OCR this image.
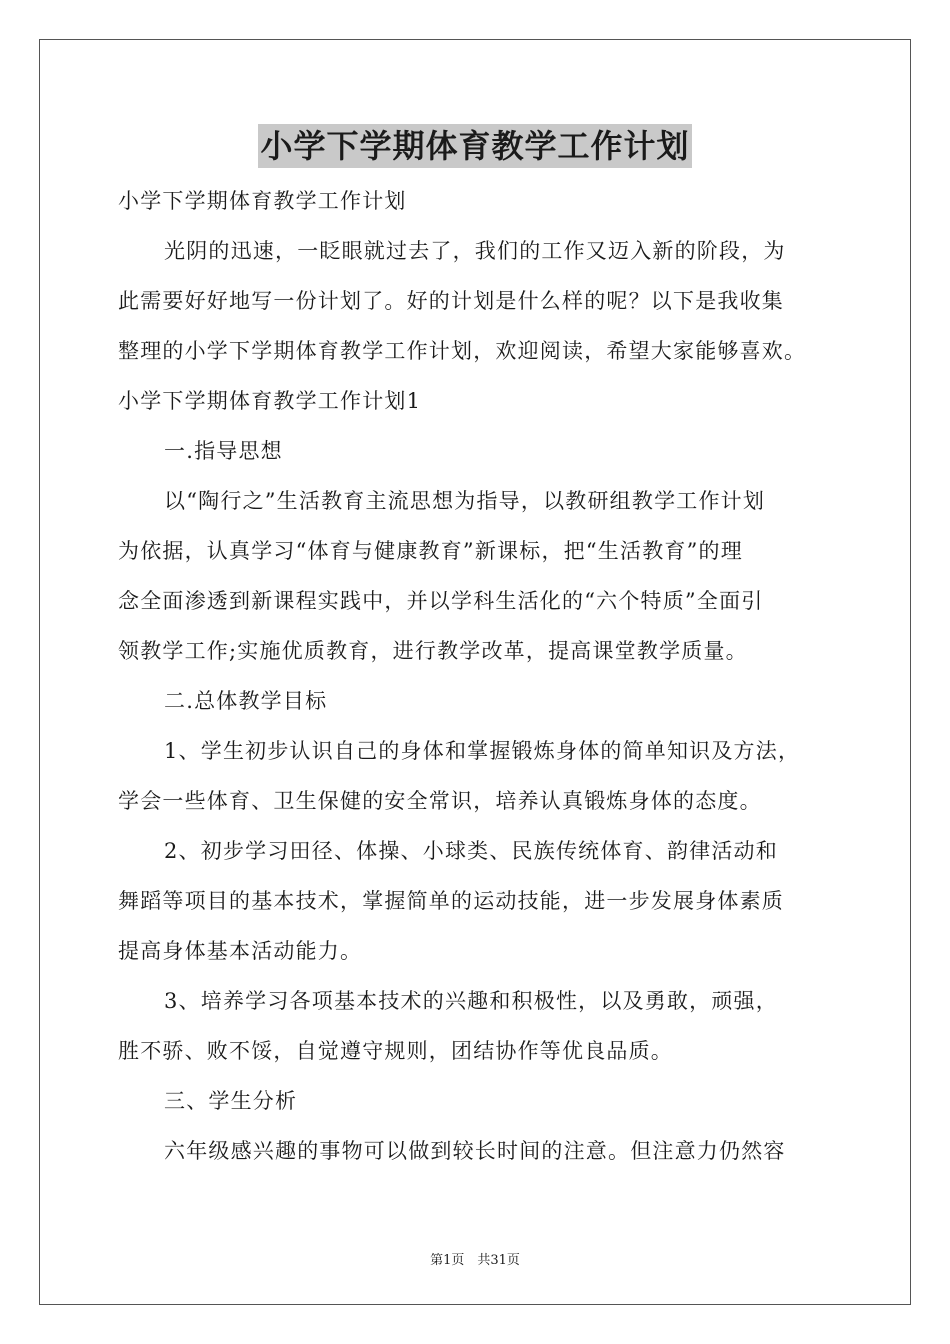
小学下学期体育教学工作计划
小学下学期体育教学工作计划
光阴的迅速，一眨眼就过去了，我们的工作又迈入新的阶段，为
此需要好好地写一份计划了。好的计划是什么样的呢？以下是我收集
整理的小学下学期体育教学工作计划，欢迎阅读，希望大家能够喜欢。
小学下学期体育教学工作计划1
一.指导思想
以“陶行之”生活教育主流思想为指导，以教研组教学工作计划
为依据，认真学习“体育与健康教育”新课标，把“生活教育”的理
念全面渗透到新课程实践中，并以学科生活化的“六个特质”全面引
领教学工作;实施优质教育，进行教学改革，提高课堂教学质量。
二.总体教学目标
1、学生初步认识自己的身体和掌握锻炼身体的简单知识及方法，
学会一些体育、卫生保健的安全常识，培养认真锻炼身体的态度。
2、初步学习田径、体操、小球类、民族传统体育、韵律活动和
舞蹈等项目的基本技术，掌握简单的运动技能，进一步发展身体素质
提高身体基本活动能力。
3、培养学习各项基本技术的兴趣和积极性，以及勇敢，顽强，
胜不骄、败不馁，自觉遵守规则，团结协作等优良品质。
三、学生分析
六年级感兴趣的事物可以做到较长时间的注意。但注意力仍然容
第1页　共31页
